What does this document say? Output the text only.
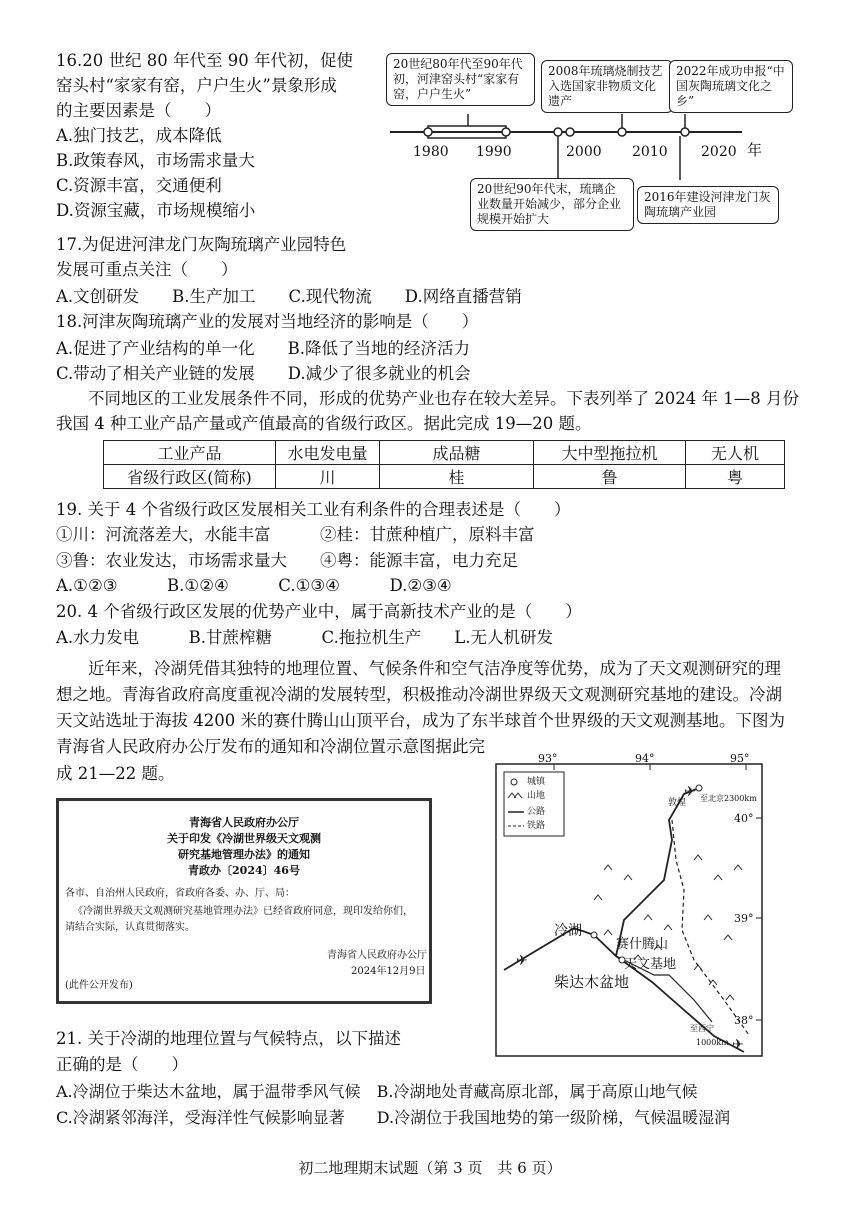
16.20 世纪 80 年代至 90 年代初，促使
窑头村“家家有窑，户户生火”景象形成
的主要因素是（　　）
A.独门技艺，成本降低
B.政策春风，市场需求量大
C.资源丰富，交通便利
D.资源宝藏，市场规模缩小
20世纪80年代至90年代初，河津窑头村“家家有窑，户户生火”
2008年琉璃烧制技艺入选国家非物质文化遗产
2022年成功申报“中国灰陶琉璃文化之乡”
20世纪90年代末，琉璃企业数量开始减少，部分企业规模开始扩大
2016年建设河津龙门灰陶琉璃产业园
1980 1990	2000 2010 2020 年
17.为促进河津龙门灰陶琉璃产业园特色
发展可重点关注（　　）
A.文创研发　　B.生产加工　　C.现代物流　　D.网络直播营销
18.河津灰陶琉璃产业的发展对当地经济的影响是（　　）
A.促进了产业结构的单一化　　B.降低了当地的经济活力
C.带动了相关产业链的发展　　D.减少了很多就业的机会
不同地区的工业发展条件不同，形成的优势产业也存在较大差异。下表列举了 2024 年 1—8 月份
我国 4 种工业产品产量或产值最高的省级行政区。据此完成 19—20 题。
工业产品	水电发电量	成品糖	大中型拖拉机	无人机
省级行政区(简称)	川	桂	鲁	粤
19. 关于 4 个省级行政区发展相关工业有利条件的合理表述是（　　）
①川：河流落差大，水能丰富　　　②桂：甘蔗种植广，原料丰富
③鲁：农业发达，市场需求量大　　④粤：能源丰富，电力充足
A.①②③　　　B.①②④　　　C.①③④　　　D.②③④
20. 4 个省级行政区发展的优势产业中，属于高新技术产业的是（　　）
A.水力发电　　　B.甘蔗榨糖　　　C.拖拉机生产　　L.无人机研发
近年来，冷湖凭借其独特的地理位置、气候条件和空气洁净度等优势，成为了天文观测研究的理
想之地。青海省政府高度重视冷湖的发展转型，积极推动冷湖世界级天文观测研究基地的建设。冷湖
天文站选址于海拔 4200 米的赛什腾山山顶平台，成为了东半球首个世界级的天文观测基地。下图为
青海省人民政府办公厅发布的通知和冷湖位置示意图据此完
成 21—22 题。
青海省人民政府办公厅
关于印发《冷湖世界级天文观测
研究基地管理办法》的通知
青政办〔2024〕46号
各市、自治州人民政府，省政府各委、办、厅、局：
《冷湖世界级天文观测研究基地管理办法》已经省政府同意，现印发给你们，
请结合实际，认真贯彻落实。
青海省人民政府办公厅
2024年12月9日
(此件公开发布)
✈
✈
✈
93°	94°	95°
40°
39°
38°
城镇
山地
公路
铁路
敦煌 至北京2300km
冷湖
赛什腾山
天文基地
柴达木盆地
至西宁
1000km
21. 关于冷湖的地理位置与气候特点，以下描述
正确的是（　　）
A.冷湖位于柴达木盆地，属于温带季风气候　B.冷湖地处青藏高原北部，属于高原山地气候
C.冷湖紧邻海洋，受海洋性气候影响显著　　D.冷湖位于我国地势的第一级阶梯，气候温暖湿润
初二地理期末试题（第 3 页　共 6 页）
